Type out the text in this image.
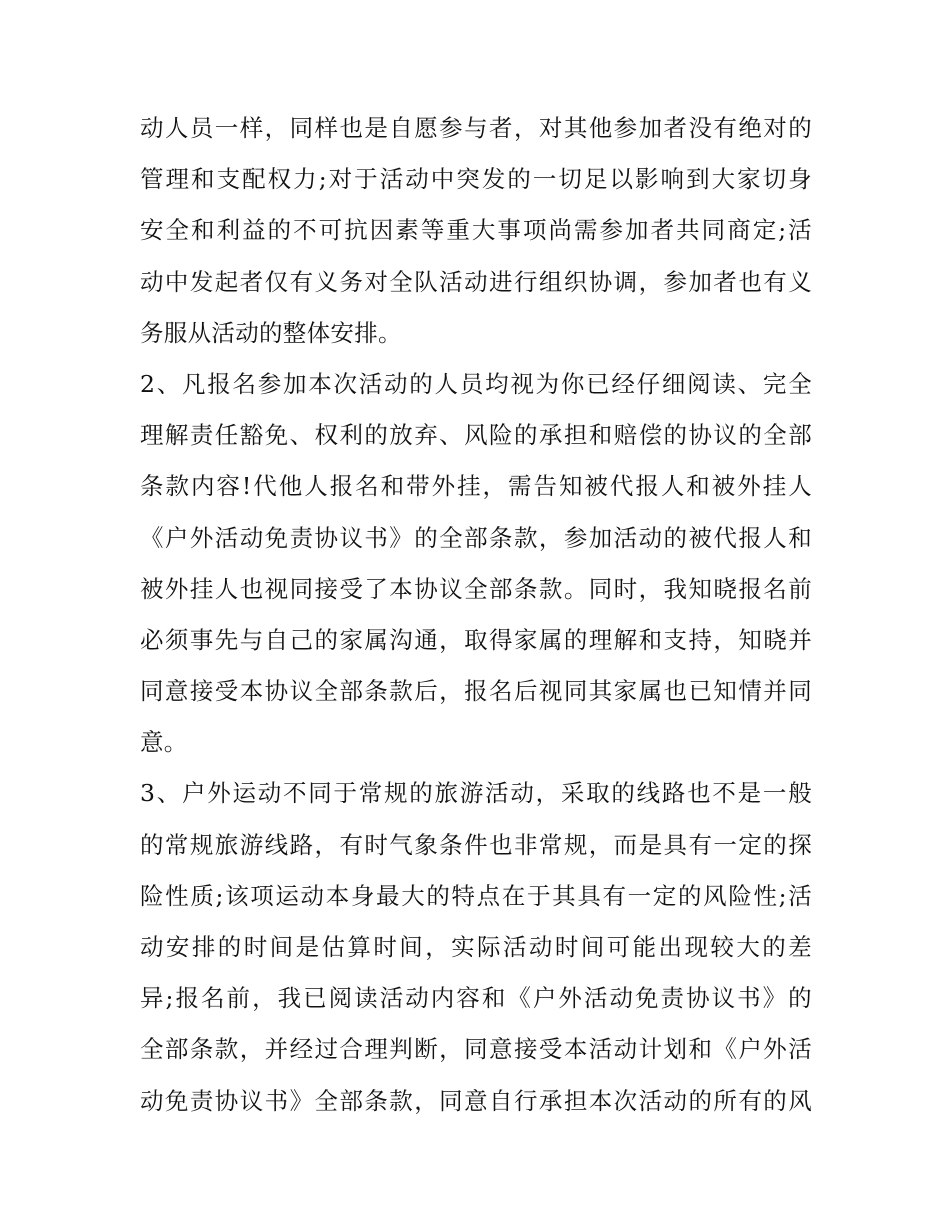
动人员一样，同样也是自愿参与者，对其他参加者没有绝对的
管理和支配权力;对于活动中突发的一切足以影响到大家切身
安全和利益的不可抗因素等重大事项尚需参加者共同商定;活
动中发起者仅有义务对全队活动进行组织协调，参加者也有义
务服从活动的整体安排。
2、凡报名参加本次活动的人员均视为你已经仔细阅读、完全
理解责任豁免、权利的放弃、风险的承担和赔偿的协议的全部
条款内容!代他人报名和带外挂，需告知被代报人和被外挂人
《户外活动免责协议书》的全部条款，参加活动的被代报人和
被外挂人也视同接受了本协议全部条款。同时，我知晓报名前
必须事先与自己的家属沟通，取得家属的理解和支持，知晓并
同意接受本协议全部条款后，报名后视同其家属也已知情并同
意。
3、户外运动不同于常规的旅游活动，采取的线路也不是一般
的常规旅游线路，有时气象条件也非常规，而是具有一定的探
险性质;该项运动本身最大的特点在于其具有一定的风险性;活
动安排的时间是估算时间，实际活动时间可能出现较大的差
异;报名前，我已阅读活动内容和《户外活动免责协议书》的
全部条款，并经过合理判断，同意接受本活动计划和《户外活
动免责协议书》全部条款，同意自行承担本次活动的所有的风
